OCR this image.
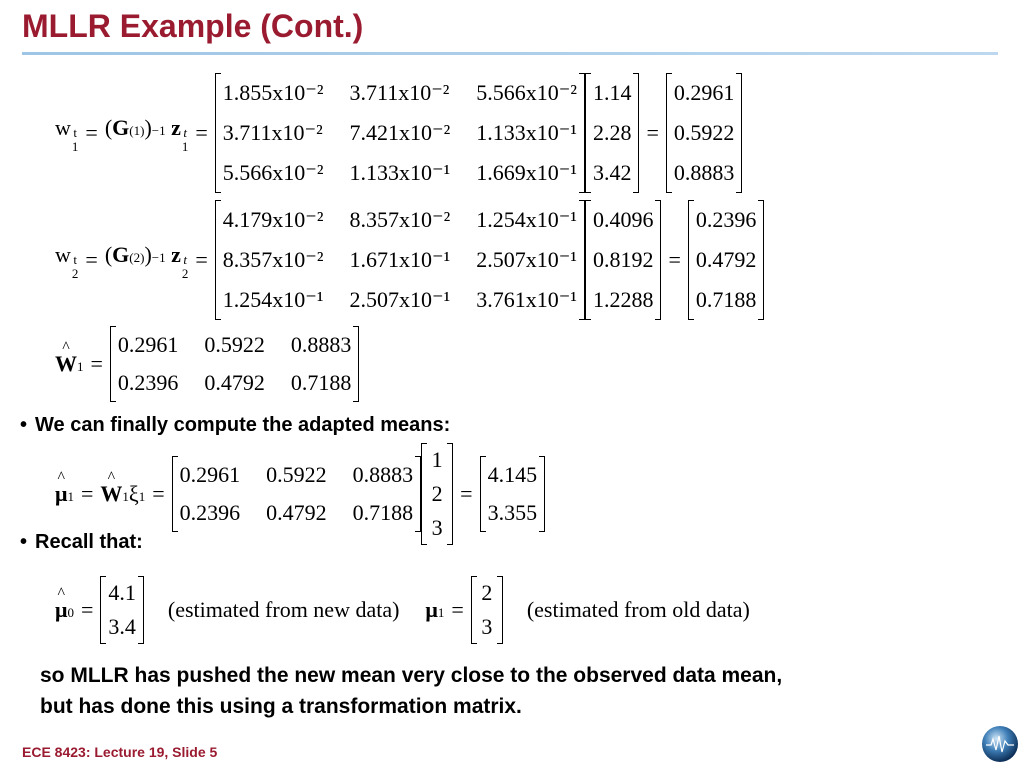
MLLR Example (Cont.)
w t
1
= ( G (1) ) −1
z t
1
=
1.855x10⁻² 3.711x10⁻² 5.566x10⁻²
3.711x10⁻² 7.421x10⁻² 1.133x10⁻¹
5.566x10⁻² 1.133x10⁻¹ 1.669x10⁻¹
1.14
2.28
3.42
=
0.2961
0.5922
0.8883
w t
2
= ( G (2) ) −1
z t
2
=
4.179x10⁻² 8.357x10⁻² 1.254x10⁻¹
8.357x10⁻² 1.671x10⁻¹ 2.507x10⁻¹
1.254x10⁻¹ 2.507x10⁻¹ 3.761x10⁻¹
0.4096
0.8192
1.2288
=
0.2396
0.4792
0.7188
^ W 1 =
0.2961 0.5922 0.8883
0.2396 0.4792 0.7188
• We can finally compute the adapted means:
^ μ 1 =
^ W 1 ξ 1 =
0.2961 0.5922 0.8883
0.2396 0.4792 0.7188
1
2
3
=
4.145
3.355
• Recall that:
^ μ 0 =
4.1
3.4
(estimated from new data) μ 1 =
2
3
(estimated from old data)
so MLLR has pushed the new mean very close to the observed data mean,
but has done this using a transformation matrix.
ECE 8423: Lecture 19, Slide 5
